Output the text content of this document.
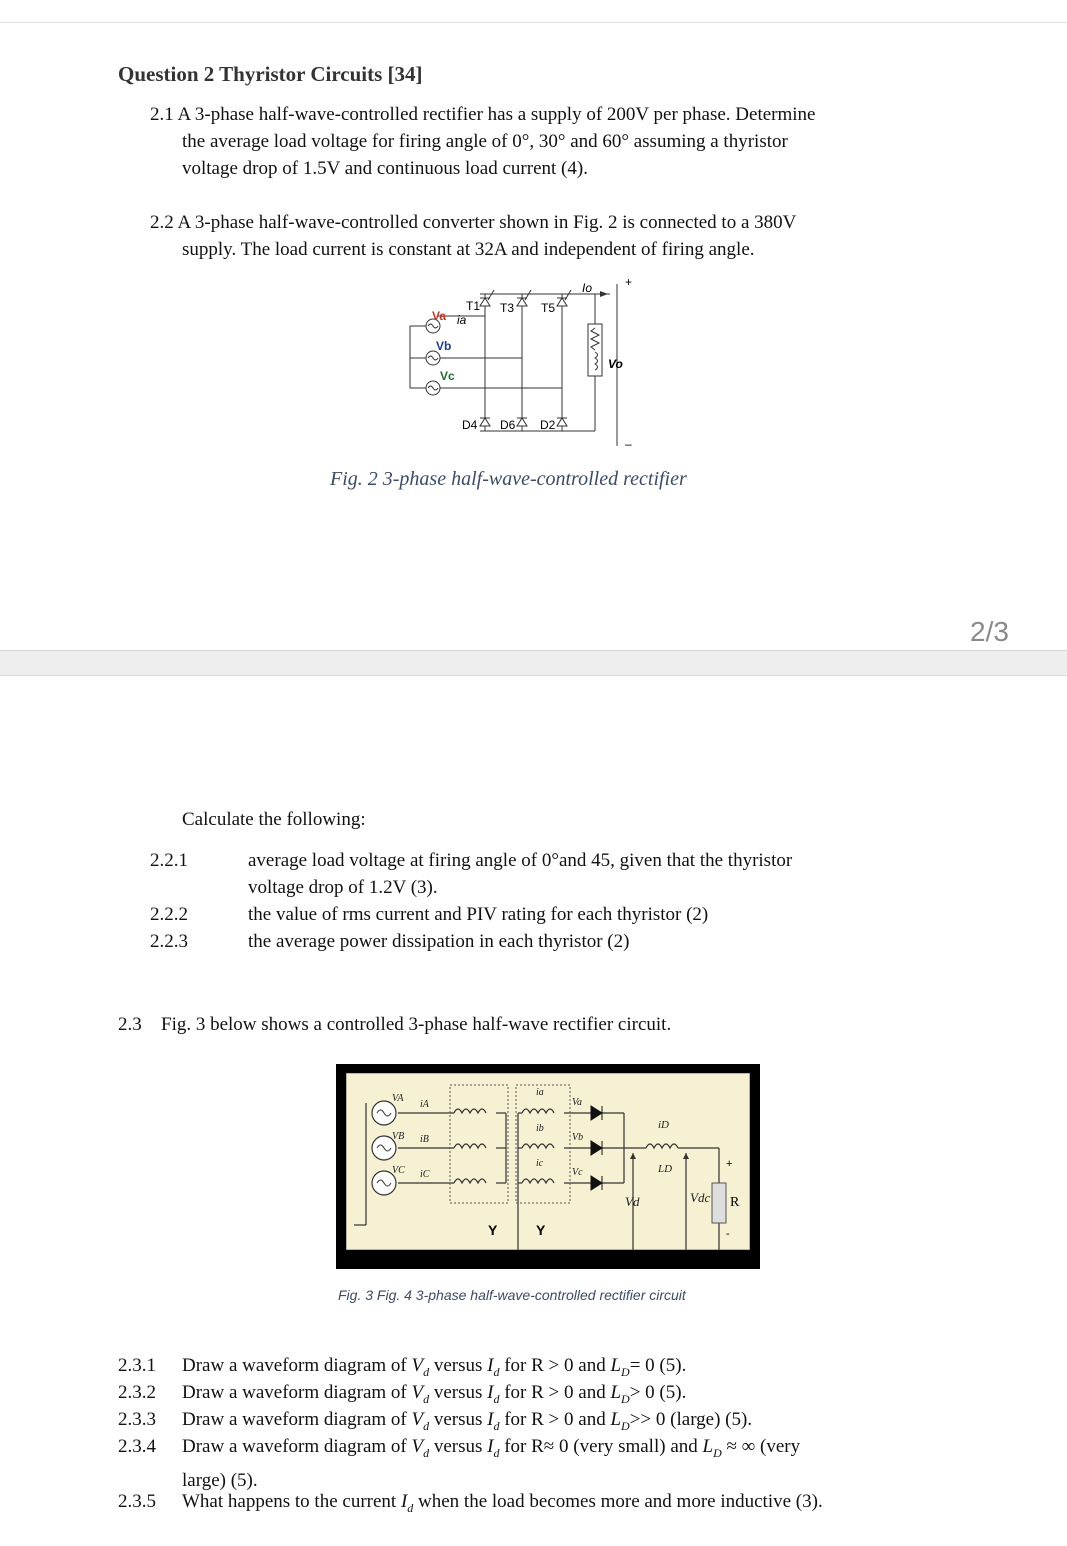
Question 2 Thyristor Circuits [34]
2.1 A 3-phase half-wave-controlled rectifier has a supply of 200V per phase. Determine
the average load voltage for firing angle of 0°, 30° and 60° assuming a thyristor
voltage drop of 1.5V and continuous load current (4).
2.2 A 3-phase half-wave-controlled converter shown in Fig. 2 is connected to a 380V
supply. The load current is constant at 32A and independent of firing angle.
Va ia
Vb
Vc
T1 T3 T5
D4 D6 D2
Io
Vo
+
–
Fig. 2 3-phase half-wave-controlled rectifier
2/3
Calculate the following:
2.2.1	average load voltage at firing angle of 0°and 45, given that the thyristor
voltage drop of 1.2V (3).
2.2.2	the value of rms current and PIV rating for each thyristor (2)
2.2.3	the average power dissipation in each thyristor (2)
2.3 Fig. 3 below shows a controlled 3-phase half-wave rectifier circuit.
VA
VB
VC
iA
iB
iC
ia
ib
ic
Va
Vb
Vc
iD
LD
Vd	Vdc R
+
-
Y	Y
Fig. 3 Fig. 4 3-phase half-wave-controlled rectifier circuit
2.3.1 Draw a waveform diagram of $V_d$ versus $I_d$ for R > 0 and $L_D= 0$ (5).
2.3.2 Draw a waveform diagram of $V_d$ versus $I_d$ for R > 0 and $L_D> 0$ (5).
2.3.3 Draw a waveform diagram of $V_d$ versus $I_d$ for R > 0 and $L_D>> 0$ (large) (5).
2.3.4 Draw a waveform diagram of $V_d$ versus $I_d$ for R≈ 0 (very small) and $L_D$ ≈ ∞ (very
large) (5).
2.3.5 What happens to the current $I_d$ when the load becomes more and more inductive (3).
